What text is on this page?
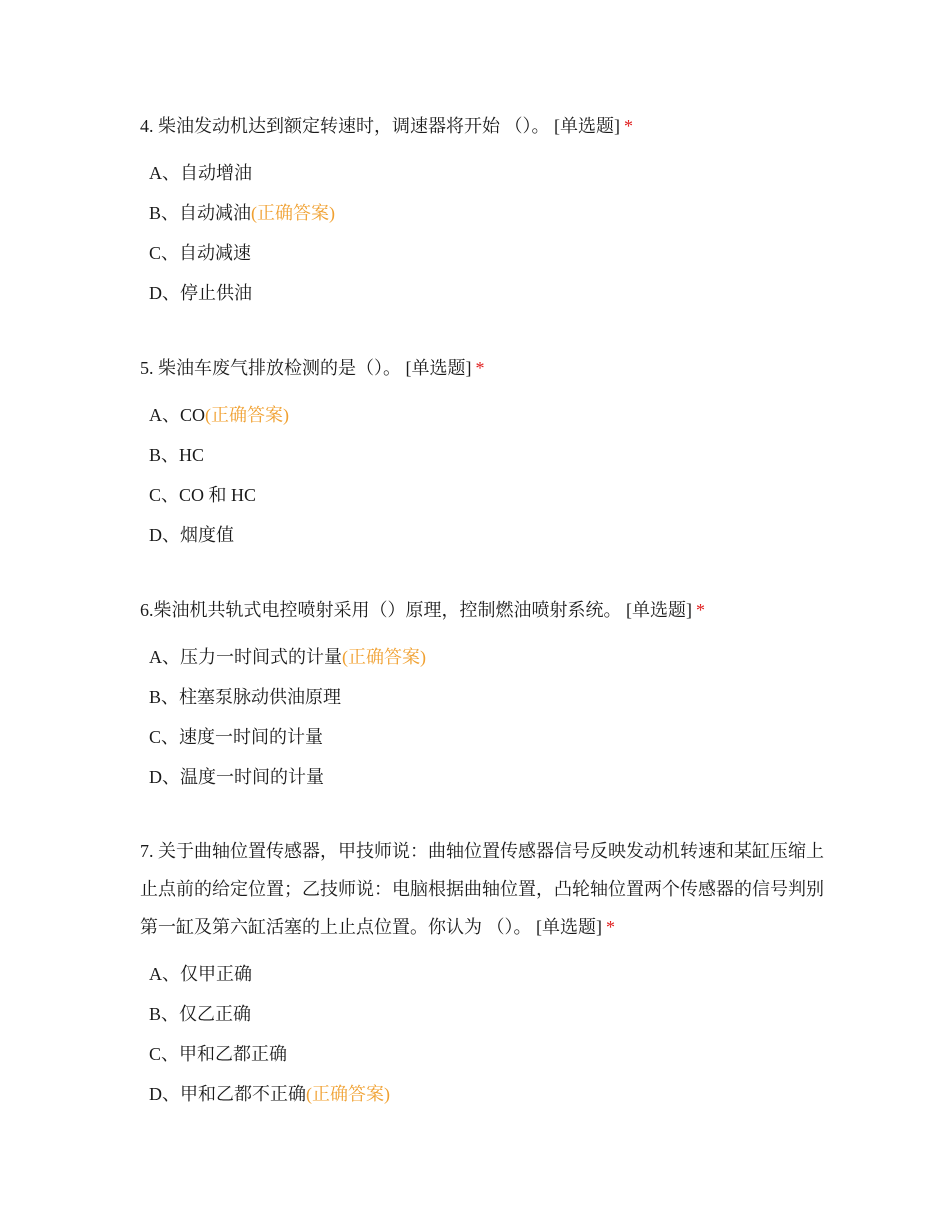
4. 柴油发动机达到额定转速时，调速器将开始 （）。 [单选题] *

A、自动增油
B、自动减油(正确答案)
C、自动减速
D、停止供油

5. 柴油车废气排放检测的是（）。 [单选题] *

A、CO(正确答案)
B、HC
C、CO 和 HC
D、烟度值

6.柴油机共轨式电控喷射采用（）原理，控制燃油喷射系统。 [单选题] *

A、压力一时间式的计量(正确答案)
B、柱塞泵脉动供油原理
C、速度一时间的计量
D、温度一时间的计量

7. 关于曲轴位置传感器，甲技师说：曲轴位置传感器信号反映发动机转速和某缸压缩上止点前的给定位置；乙技师说：电脑根据曲轴位置，凸轮轴位置两个传感器的信号判别第一缸及第六缸活塞的上止点位置。你认为 （）。 [单选题] *

A、仅甲正确
B、仅乙正确
C、甲和乙都正确
D、甲和乙都不正确(正确答案)
